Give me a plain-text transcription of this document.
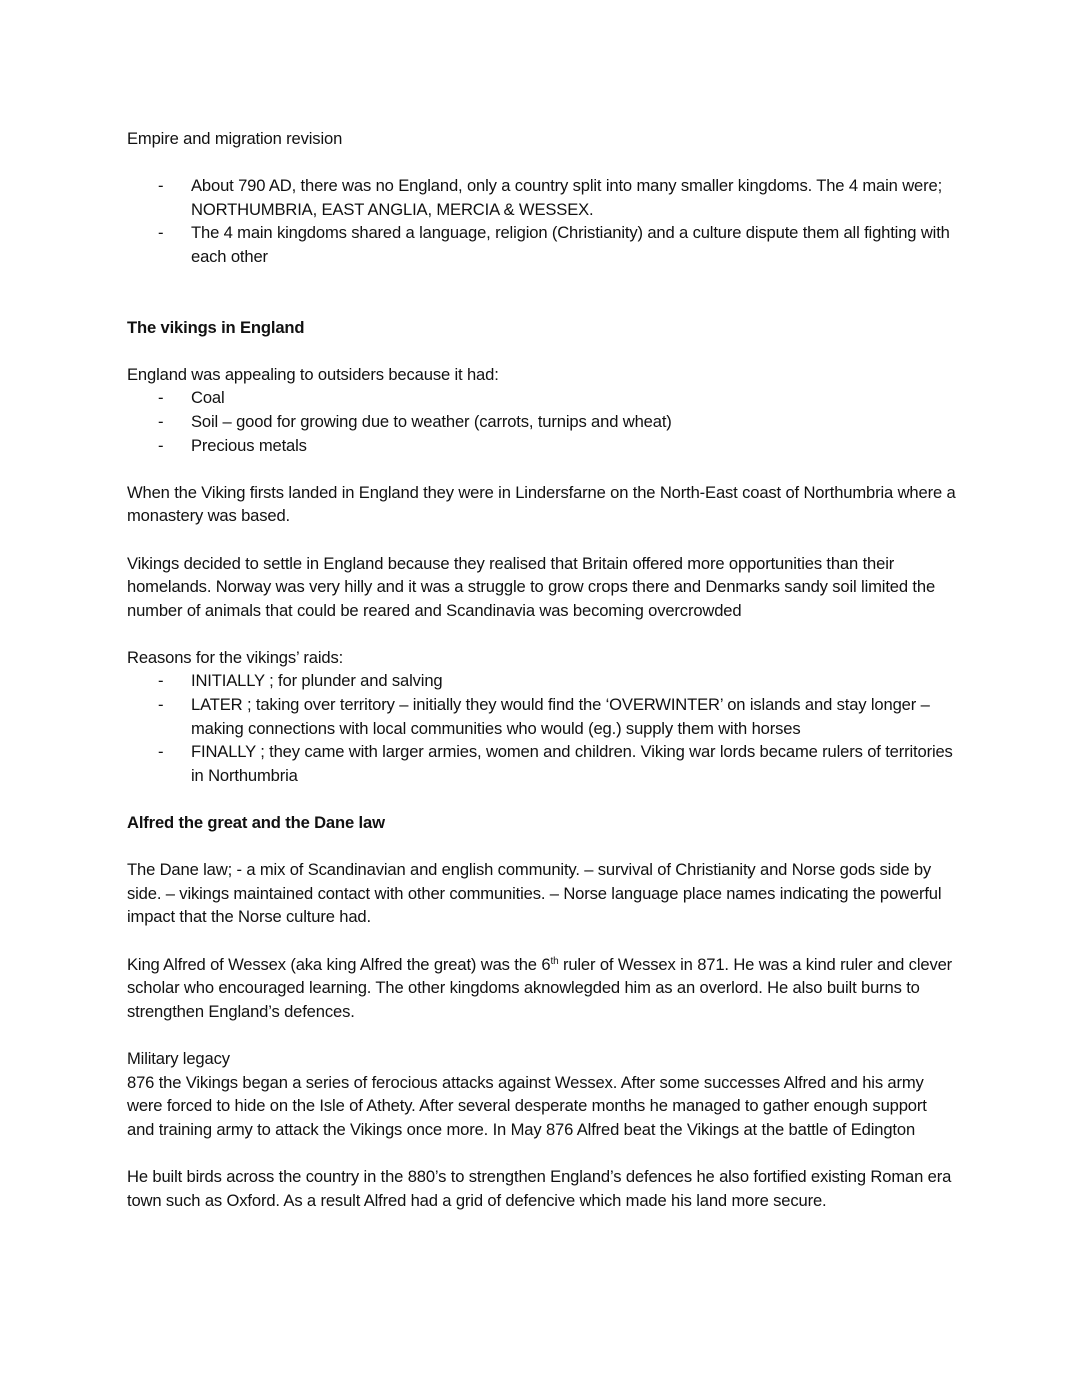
Empire and migration revision

- About 790 AD, there was no England, only a country split into many smaller kingdoms. The 4 main were; NORTHUMBRIA, EAST ANGLIA, MERCIA & WESSEX.
- The 4 main kingdoms shared a language, religion (Christianity) and a culture dispute them all fighting with each other

The vikings in England

England was appealing to outsiders because it had:

- Coal
- Soil – good for growing due to weather (carrots, turnips and wheat)
- Precious metals

When the Viking firsts landed in England they were in Lindersfarne on the North-East coast of Northumbria where a monastery was based.

Vikings decided to settle in England because they realised that Britain offered more opportunities than their homelands. Norway was very hilly and it was a struggle to grow crops there and Denmarks sandy soil limited the number of animals that could be reared and Scandinavia was becoming overcrowded

Reasons for the vikings’ raids:

- INITIALLY ; for plunder and salving
- LATER ; taking over territory – initially they would find the ‘OVERWINTER’ on islands and stay longer – making connections with local communities who would (eg.) supply them with horses
- FINALLY ; they came with larger armies, women and children. Viking war lords became rulers of territories in Northumbria

Alfred the great and the Dane law

The Dane law; - a mix of Scandinavian and english community. – survival of Christianity and Norse gods side by side. – vikings maintained contact with other communities. – Norse language place names indicating the powerful impact that the Norse culture had.

King Alfred of Wessex (aka king Alfred the great) was the 6th ruler of Wessex in 871. He was a kind ruler and clever scholar who encouraged learning. The other kingdoms aknowlegded him as an overlord. He also built burns to strengthen England’s defences.

Military legacy

876 the Vikings began a series of ferocious attacks against Wessex. After some successes Alfred and his army were forced to hide on the Isle of Athety. After several desperate months he managed to gather enough support and training army to attack the Vikings once more. In May 876 Alfred beat the Vikings at the battle of Edington

He built birds across the country in the 880’s to strengthen England’s defences he also fortified existing Roman era town such as Oxford. As a result Alfred had a grid of defencive which made his land more secure.
